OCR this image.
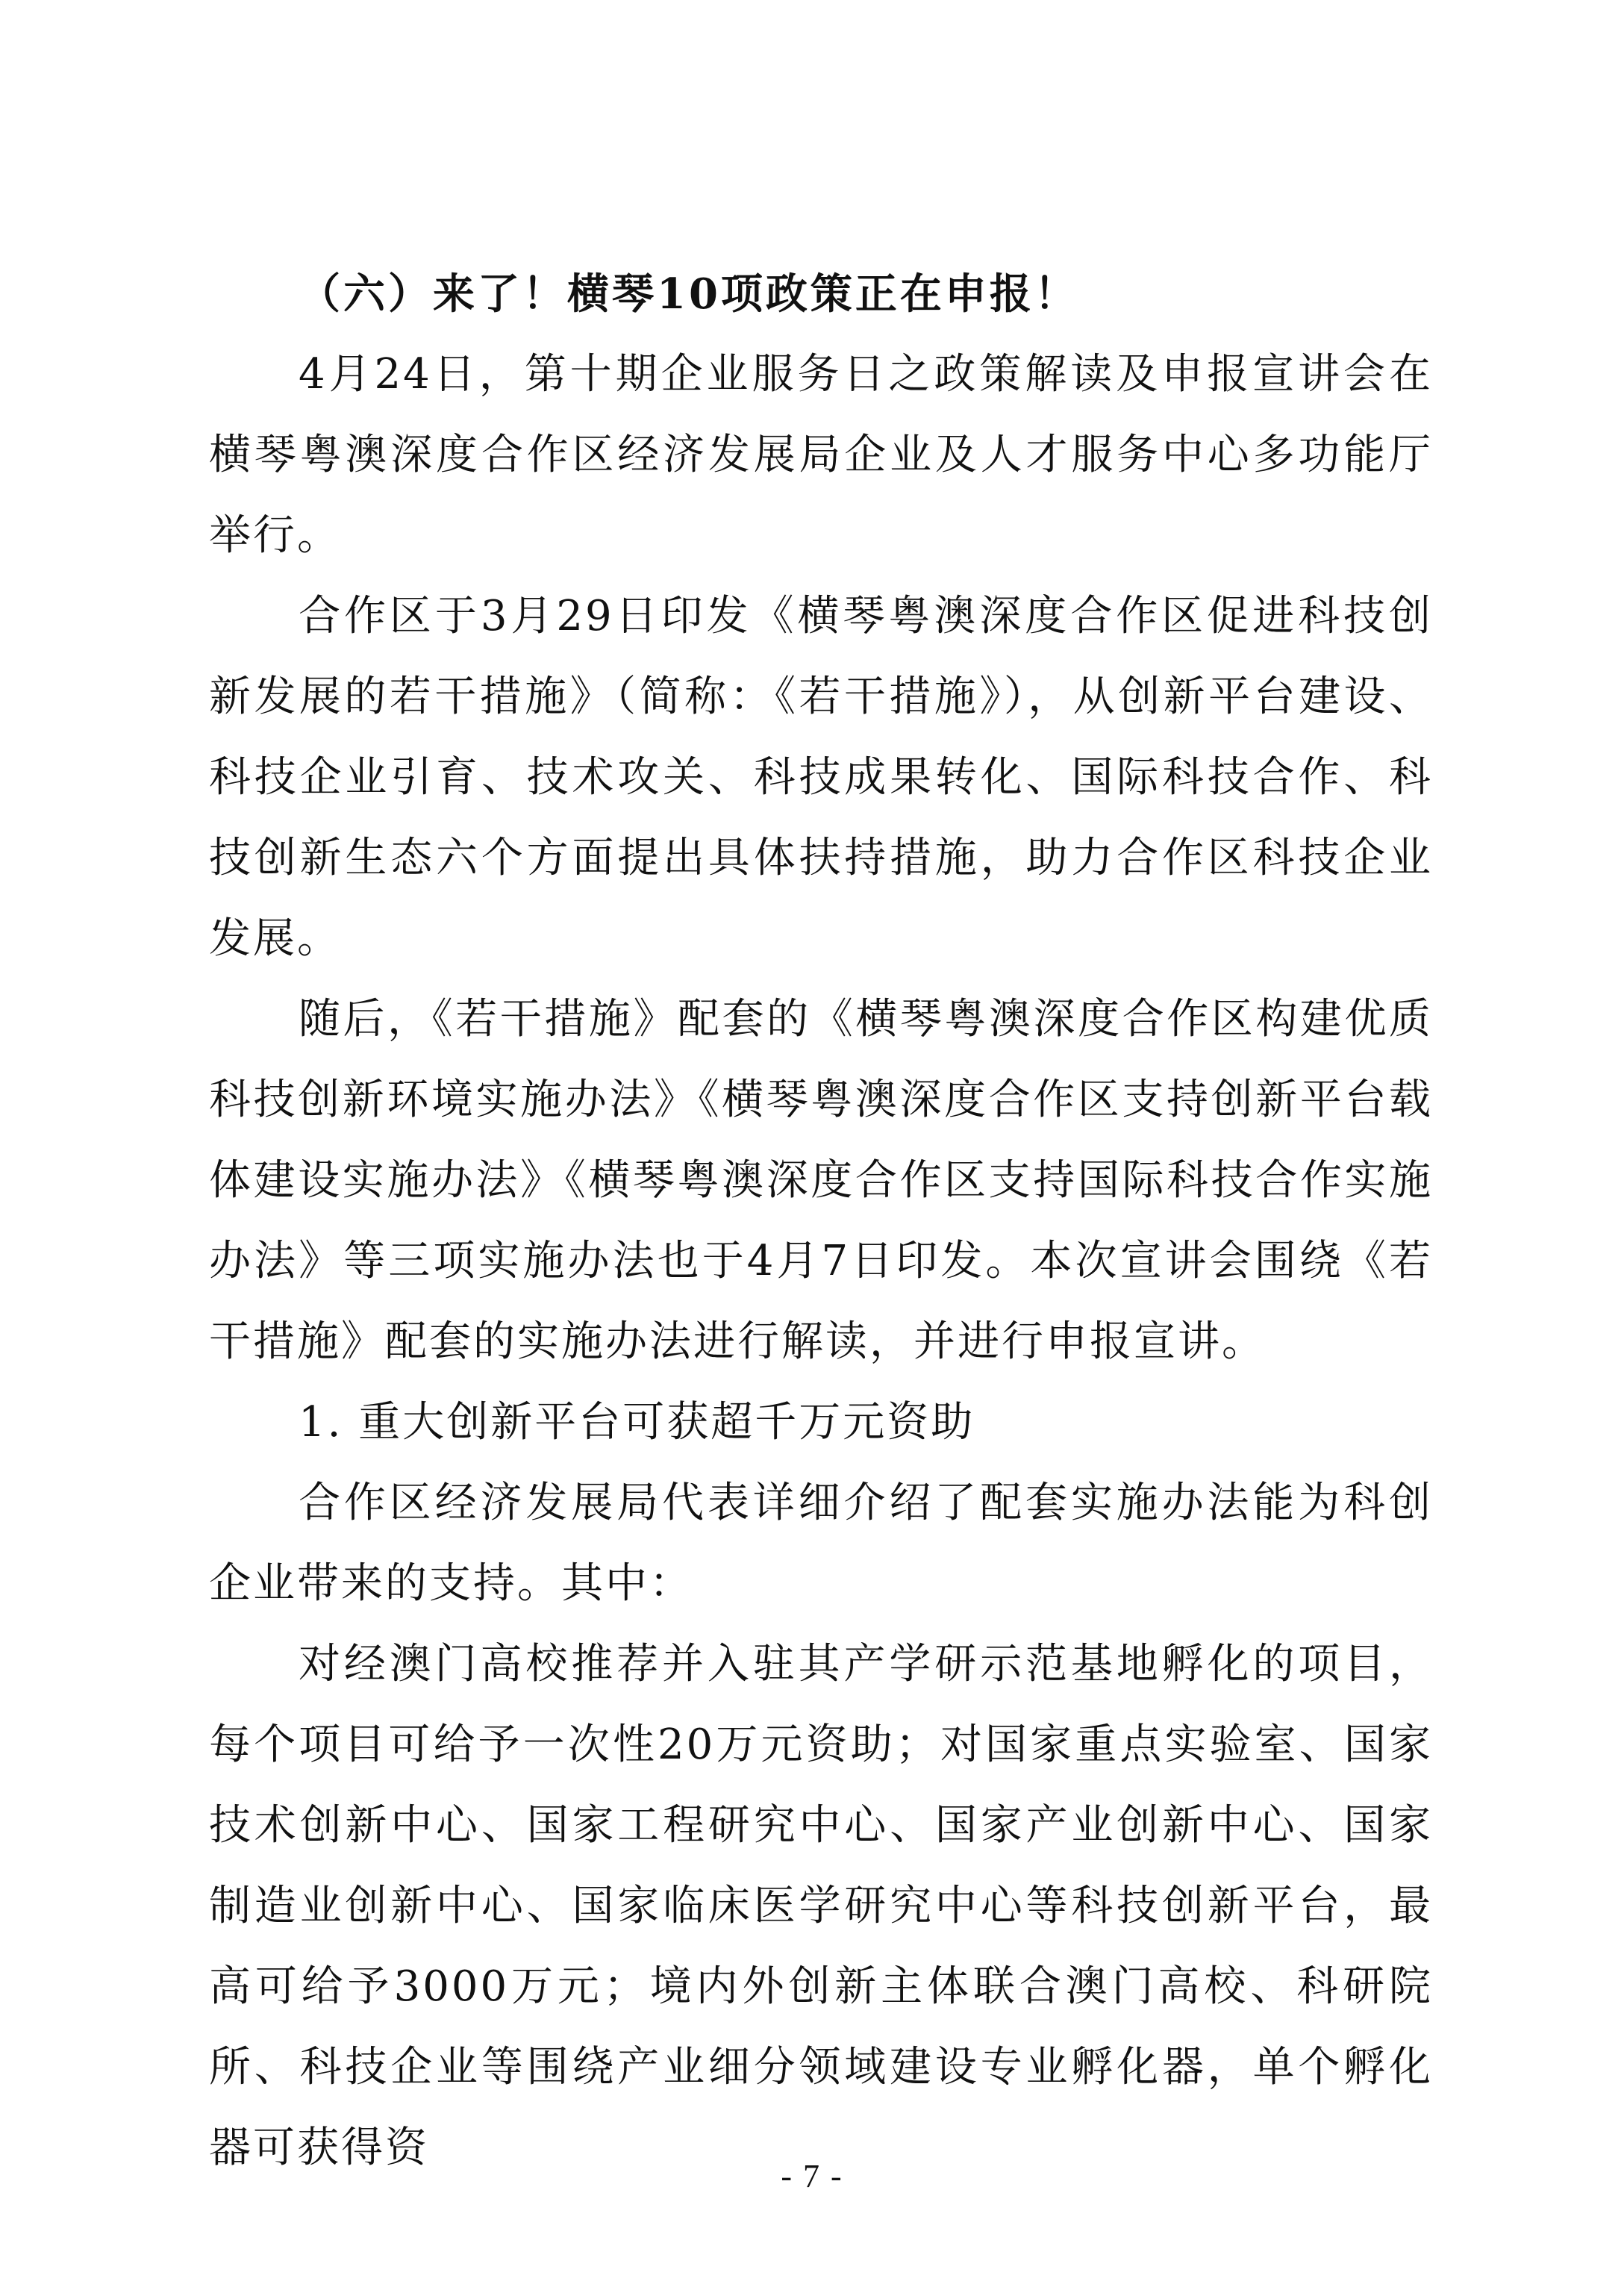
（六）来了！横琴10项政策正在申报！

4月24日，第十期企业服务日之政策解读及申报宣讲会在横琴粤澳深度合作区经济发展局企业及人才服务中心多功能厅举行。

合作区于3月29日印发《横琴粤澳深度合作区促进科技创新发展的若干措施》（简称：《若干措施》），从创新平台建设、科技企业引育、技术攻关、科技成果转化、国际科技合作、科技创新生态六个方面提出具体扶持措施，助力合作区科技企业发展。

随后，《若干措施》配套的《横琴粤澳深度合作区构建优质科技创新环境实施办法》《横琴粤澳深度合作区支持创新平台载体建设实施办法》《横琴粤澳深度合作区支持国际科技合作实施办法》等三项实施办法也于4月7日印发。本次宣讲会围绕《若干措施》配套的实施办法进行解读，并进行申报宣讲。

1. 重大创新平台可获超千万元资助

合作区经济发展局代表详细介绍了配套实施办法能为科创企业带来的支持。其中：

对经澳门高校推荐并入驻其产学研示范基地孵化的项目，每个项目可给予一次性20万元资助；对国家重点实验室、国家技术创新中心、国家工程研究中心、国家产业创新中心、国家制造业创新中心、国家临床医学研究中心等科技创新平台，最高可给予3000万元；境内外创新主体联合澳门高校、科研院所、科技企业等围绕产业细分领域建设专业孵化器，单个孵化器可获得资

- 7 -
